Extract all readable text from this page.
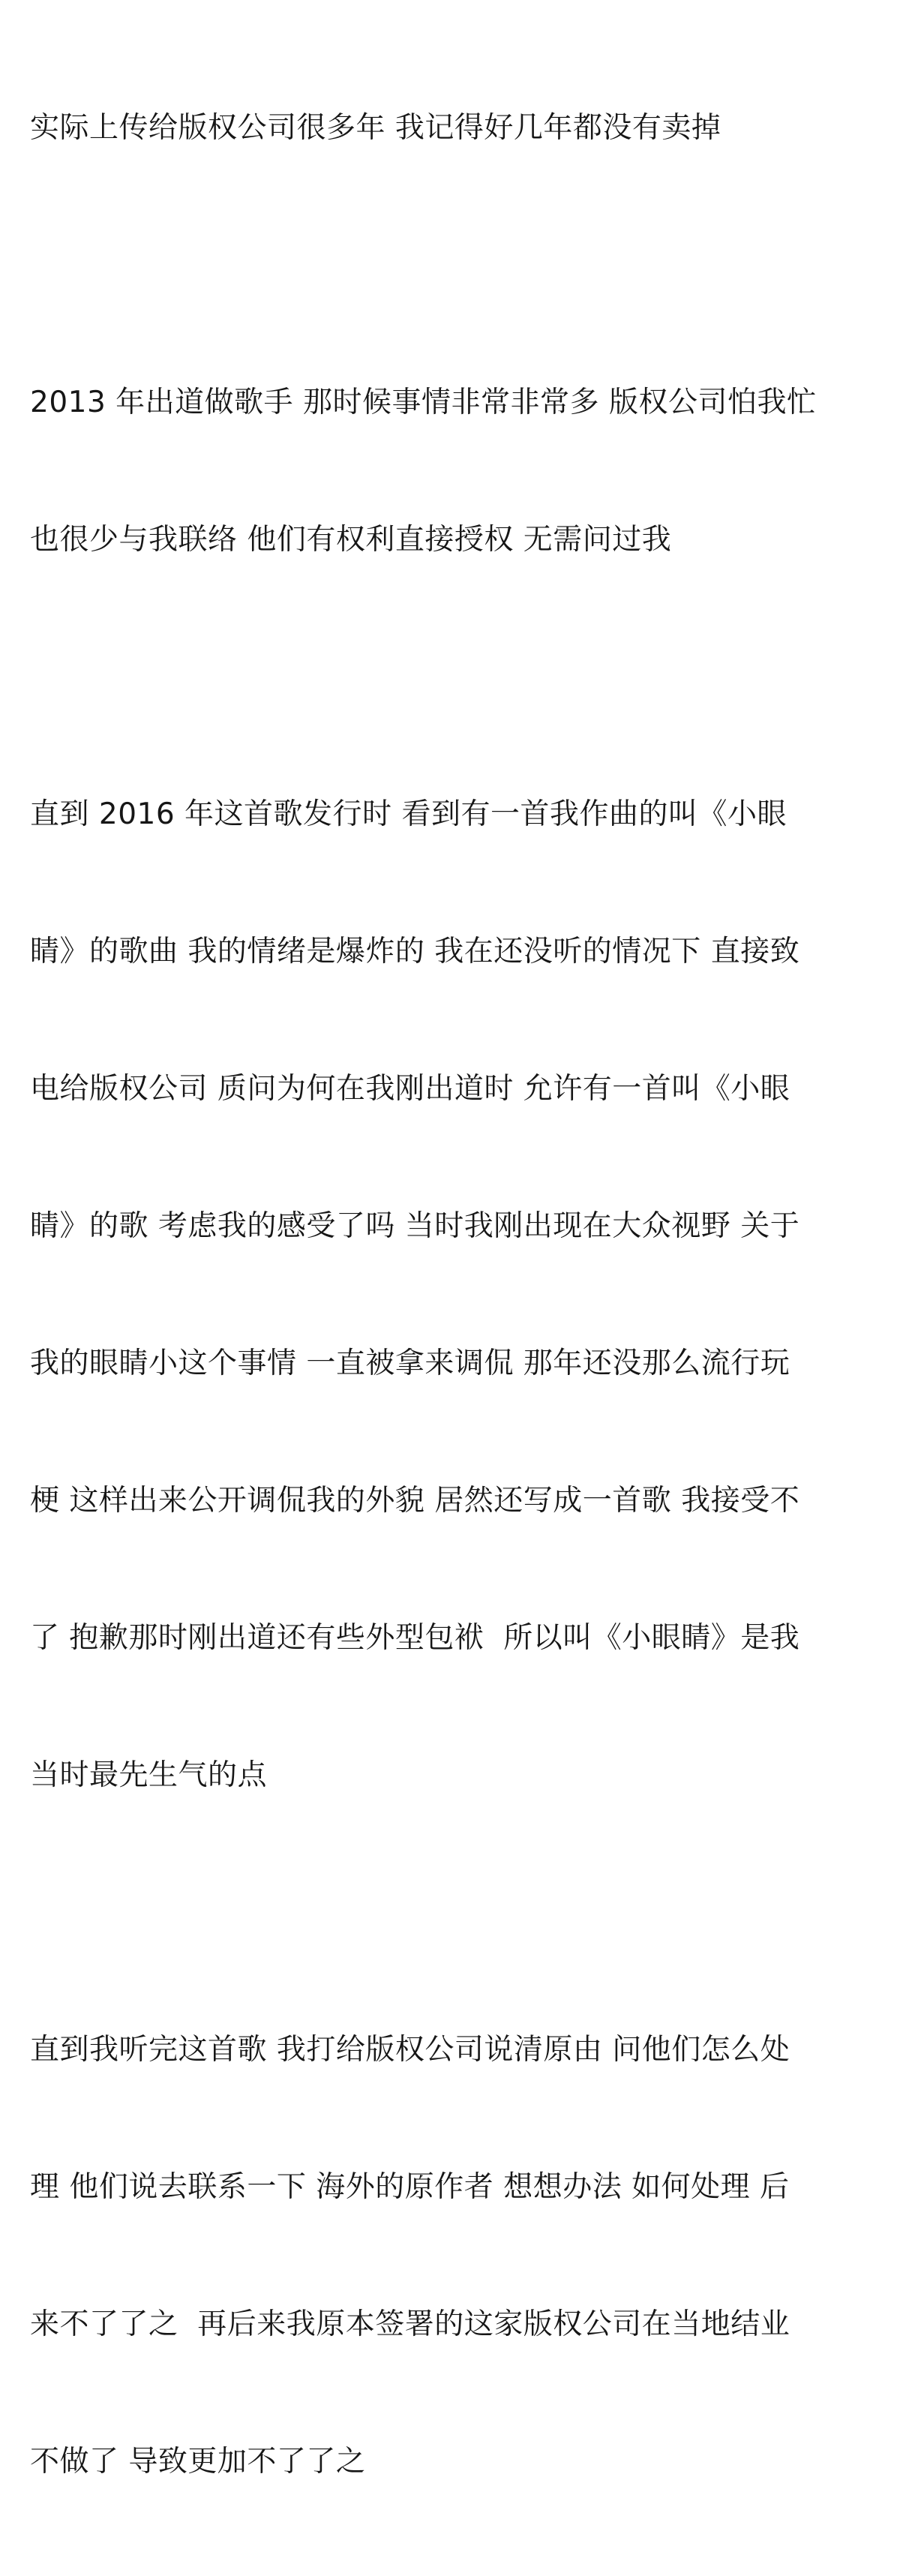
实际上传给版权公司很多年 我记得好几年都没有卖掉

2013 年出道做歌手 那时候事情非常非常多 版权公司怕我忙

也很少与我联络 他们有权利直接授权 无需问过我

直到 2016 年这首歌发行时 看到有一首我作曲的叫《小眼

睛》的歌曲 我的情绪是爆炸的 我在还没听的情况下 直接致

电给版权公司 质问为何在我刚出道时 允许有一首叫《小眼

睛》的歌 考虑我的感受了吗 当时我刚出现在大众视野 关于

我的眼睛小这个事情 一直被拿来调侃 那年还没那么流行玩

梗 这样出来公开调侃我的外貌 居然还写成一首歌 我接受不

了 抱歉那时刚出道还有些外型包袱  所以叫《小眼睛》是我

当时最先生气的点

直到我听完这首歌 我打给版权公司说清原由 问他们怎么处

理 他们说去联系一下 海外的原作者 想想办法 如何处理 后

来不了了之  再后来我原本签署的这家版权公司在当地结业

不做了 导致更加不了了之
